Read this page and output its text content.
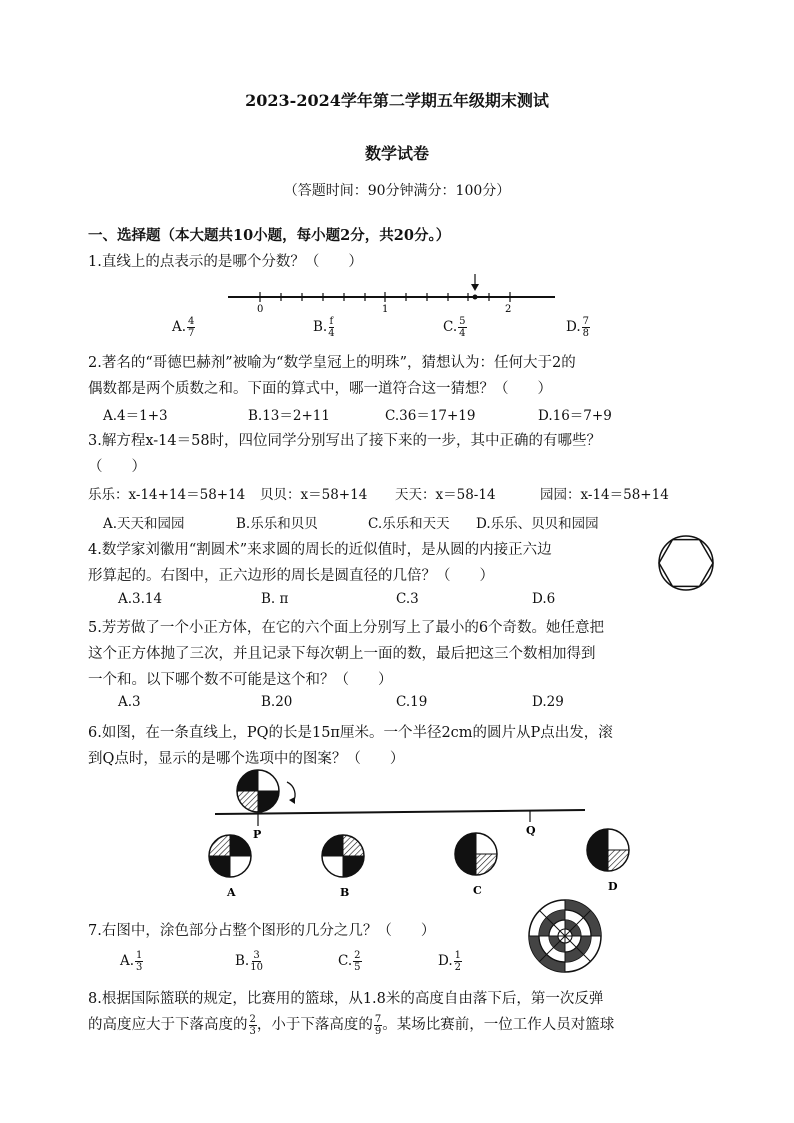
2023-2024学年第二学期五年级期末测试
数学试卷
（答题时间：90分钟满分：100分）
一、选择题（本大题共10小题，每小题2分，共20分。）
1.直线上的点表示的是哪个分数？（　　）
0	1	2
A. $\frac{4}{7}$	B. $\frac{f}{4}$	C. $\frac{5}{4}$	D. $\frac{7}{8}$
2.著名的“哥德巴赫剂”被喻为“数学皇冠上的明珠”，猜想认为：任何大于2的
偶数都是两个质数之和。下面的算式中，哪一道符合这一猜想？（　　）
A.4＝1+3	B.13＝2+11	C.36＝17+19	D.16＝7+9
3.解方程x-14＝58时，四位同学分别写出了接下来的一步，其中正确的有哪些？
（　　）
乐乐：x-14+14＝58+14 贝贝：x＝58+14 天天：x＝58-14	园园：x-14＝58+14
A.天天和园园	B.乐乐和贝贝	C.乐乐和天天 D.乐乐、贝贝和园园
4.数学家刘徽用“割圆术”来求圆的周长的近似值时，是从圆的内接正六边
形算起的。右图中，正六边形的周长是圆直径的几倍？（　　）
A.3.14	B. π	C.3	D.6
5.芳芳做了一个小正方体，在它的六个面上分别写上了最小的6个奇数。她任意把
这个正方体抛了三次，并且记录下每次朝上一面的数，最后把这三个数相加得到
一个和。以下哪个数不可能是这个和？（　　）
A.3	B.20	C.19	D.29
6.如图，在一条直线上，PQ的长是15π厘米。一个半径2cm的圆片从P点出发，滚
到Q点时，显示的是哪个选项中的图案？（　　）
P	Q
A	B	C	D
7.右图中，涂色部分占整个图形的几分之几？（　　）
A. $\frac{1}{3}$	B. $\frac{3}{10}$	C. $\frac{2}{5}$	D. $\frac{1}{2}$
8.根据国际篮联的规定，比赛用的篮球，从1.8米的高度自由落下后，第一次反弹
的高度应大于下落高度的 $\frac{2}{3}$ ，小于下落高度的 $\frac{7}{9}$ 。某场比赛前，一位工作人员对篮球
